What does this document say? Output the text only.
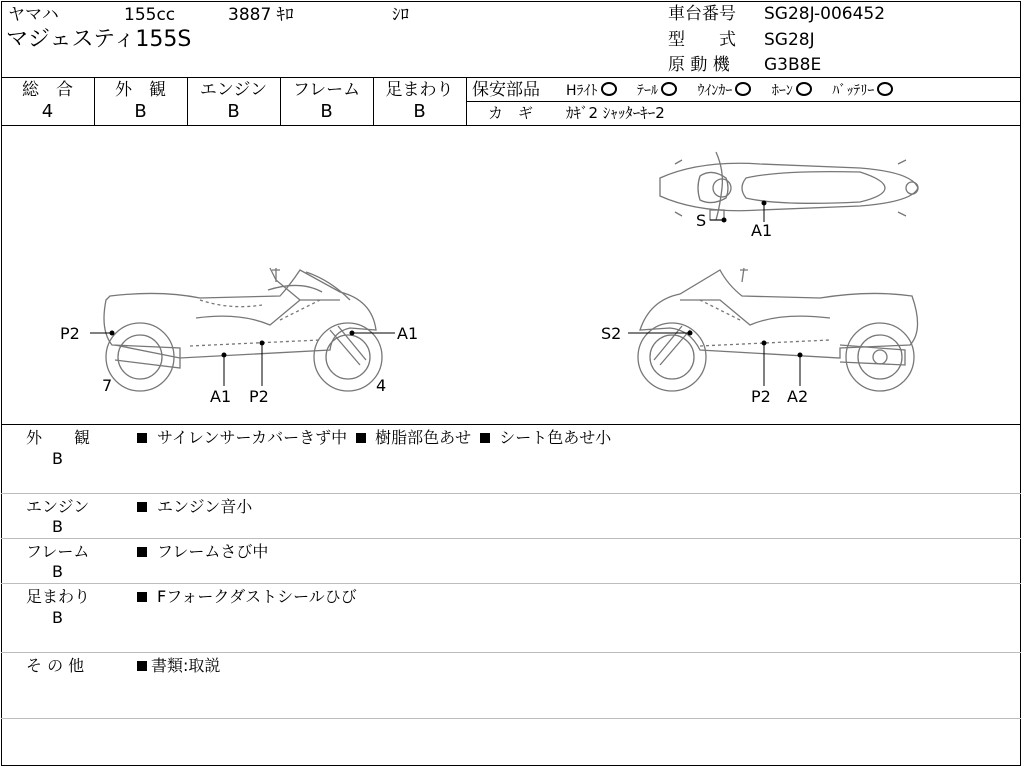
ヤマハ	155cc	3887 ｷﾛ	ｼﾛ
マジェスティ155S
車台番号 SG28J-006452
型　　式 SG28J
原 動 機 G3B8E
総　合
4
外　観
B
エンジン
B
フレーム
B
足まわり
B
保安部品 Hﾗｲﾄ	ﾃｰﾙ	ｳｲﾝｶｰ	ﾎｰﾝ	ﾊﾞｯﾃﾘｰ
カ　ギ ｶｷﾞ2 ｼｬｯﾀｰｷｰ2
S
A1
P2	A1
7	4
A1 P2
S2
P2 A2
外　　観
B
サイレンサーカバーきず中 樹脂部色あせ シート色あせ小
エンジン
B
エンジン音小
フレーム
B
フレームさび中
足まわり
B
Fフォークダストシールひび
そ の 他	書類:取説
